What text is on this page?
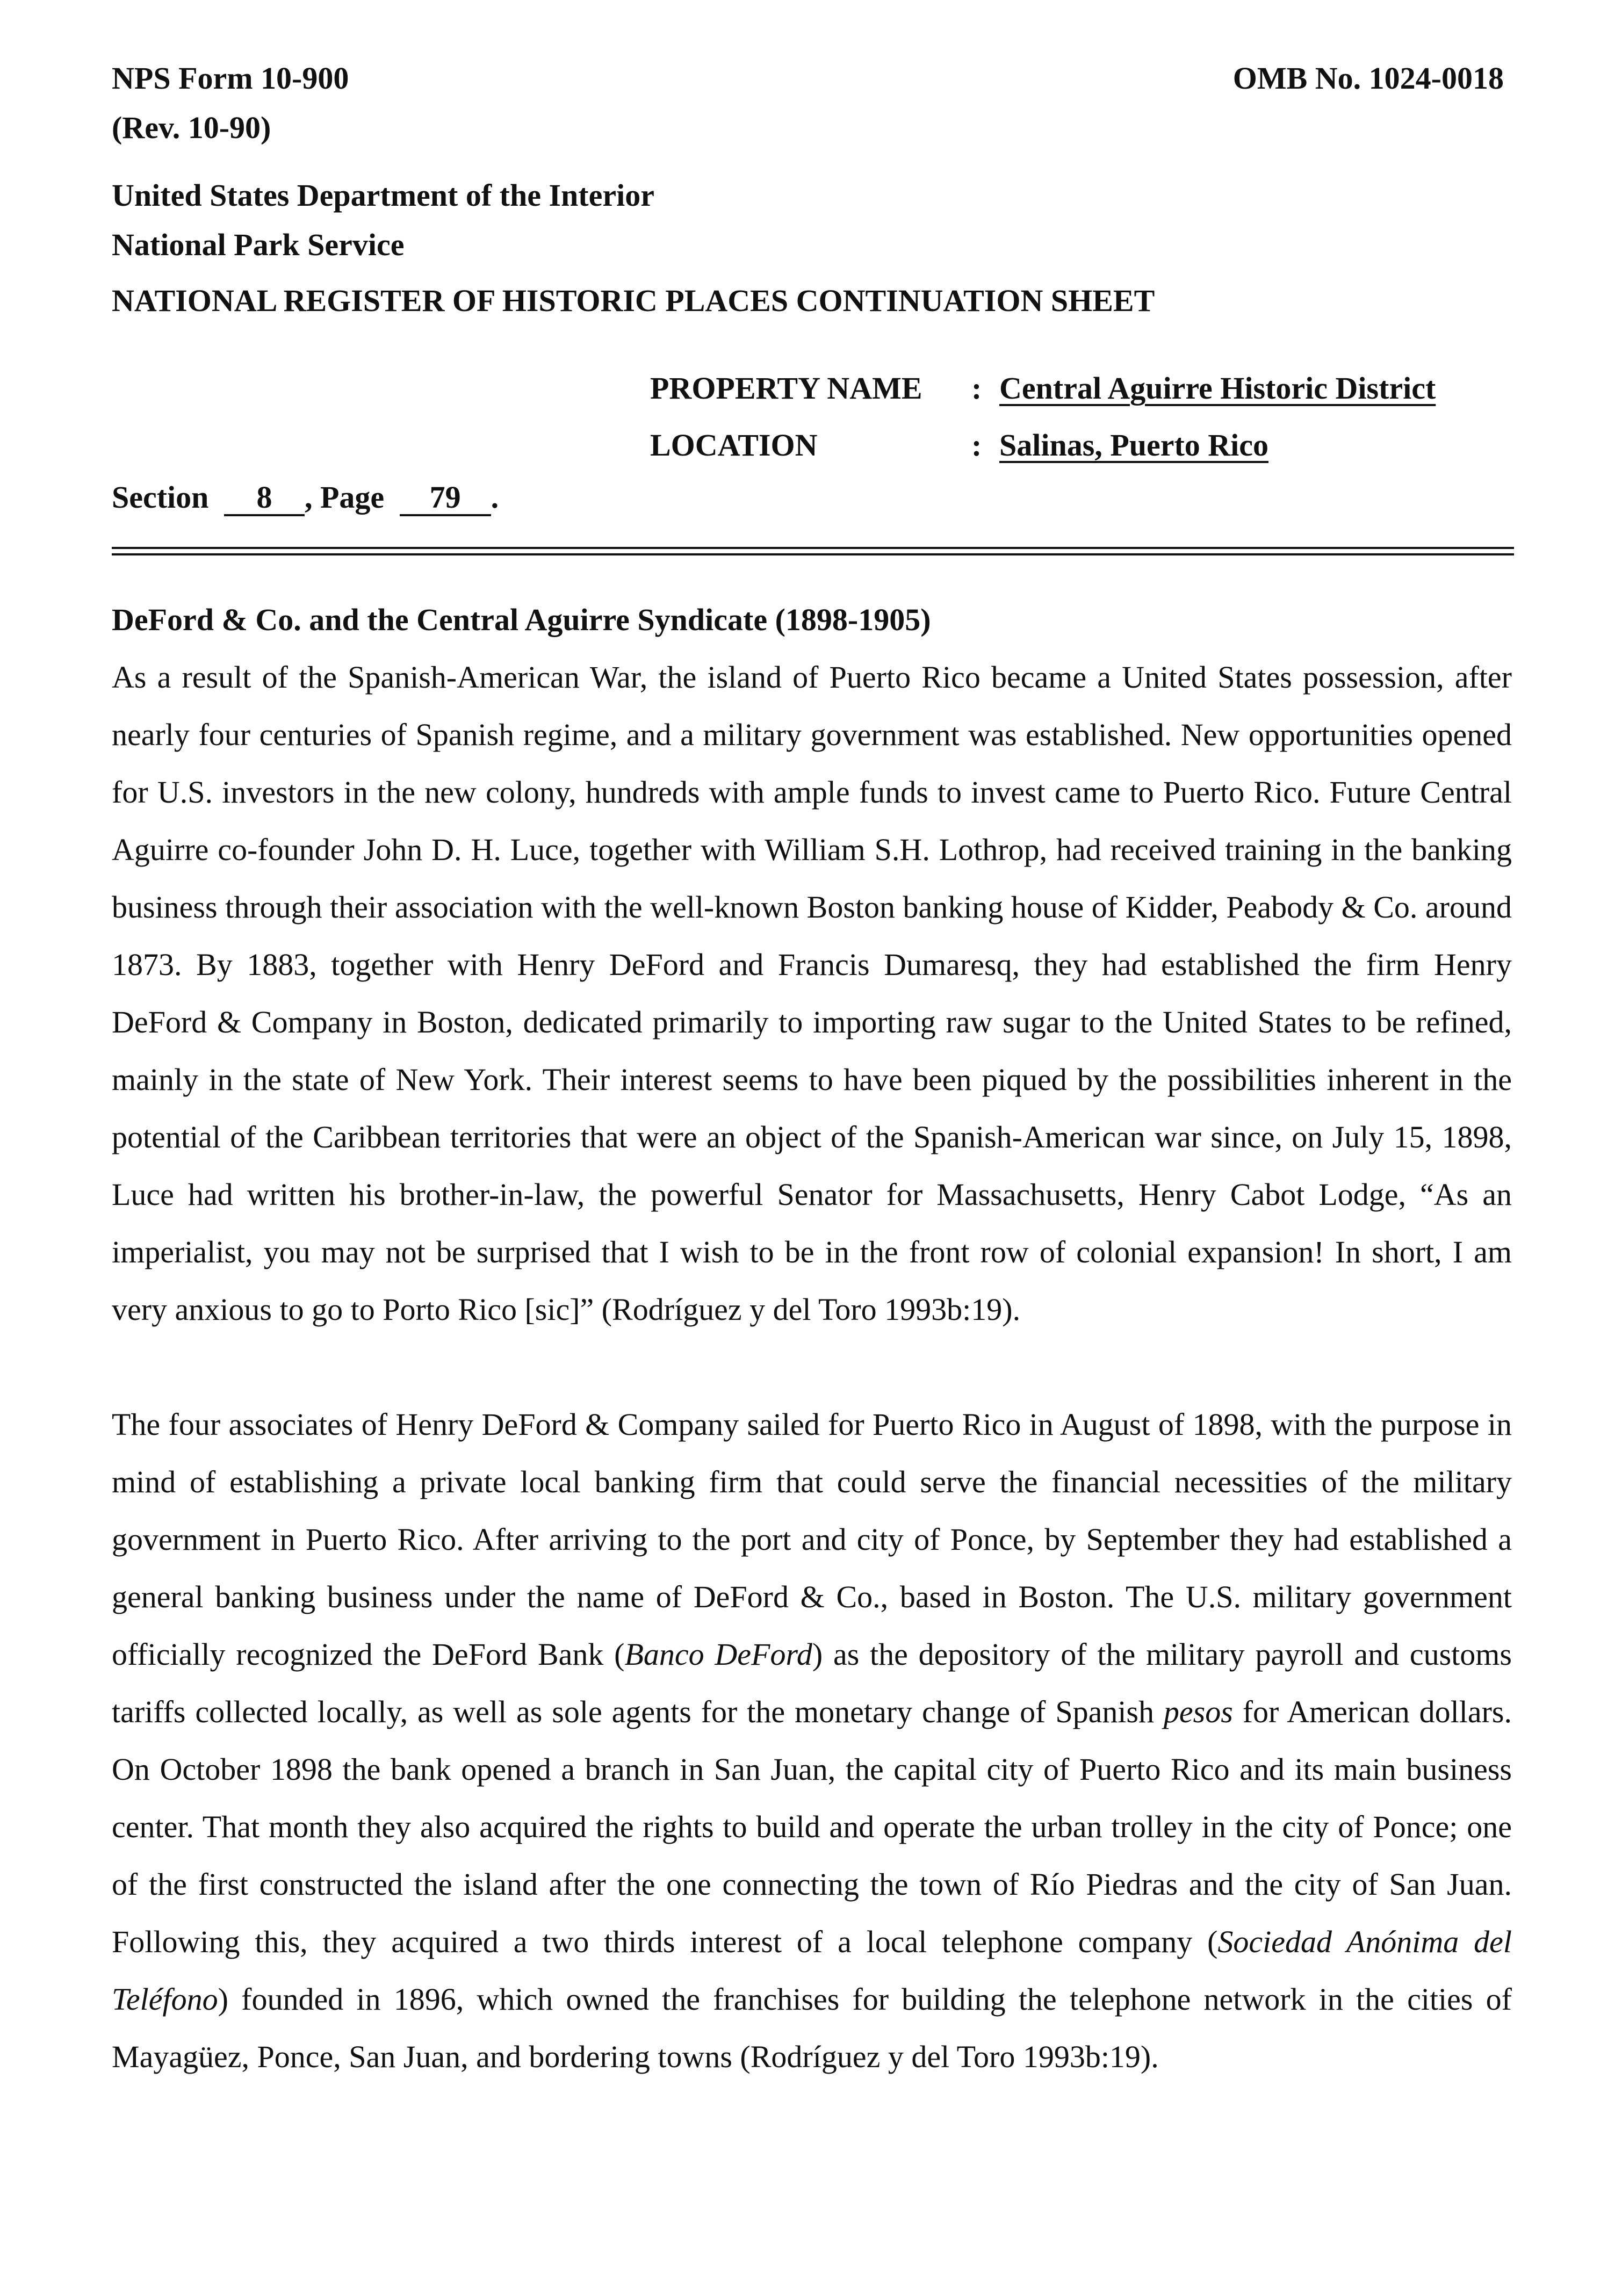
NPS Form 10-900
(Rev. 10-90)
OMB No. 1024-0018
United States Department of the Interior
National Park Service
NATIONAL REGISTER OF HISTORIC PLACES CONTINUATION SHEET
PROPERTY NAME	: Central Aguirre Historic District
LOCATION	: Salinas, Puerto Rico
Section 8 , Page 79 .
DeFord & Co. and the Central Aguirre Syndicate (1898-1905)

As a result of the Spanish-American War, the island of Puerto Rico became a United States possession, after nearly four centuries of Spanish regime, and a military government was established. New opportunities opened for U.S. investors in the new colony, hundreds with ample funds to invest came to Puerto Rico. Future Central Aguirre co-founder John D. H. Luce, together with William S.H. Lothrop, had received training in the banking business through their association with the well-known Boston banking house of Kidder, Peabody & Co. around 1873. By 1883, together with Henry DeFord and Francis Dumaresq, they had established the firm Henry DeFord & Company in Boston, dedicated primarily to importing raw sugar to the United States to be refined, mainly in the state of New York. Their interest seems to have been piqued by the possibilities inherent in the potential of the Caribbean territories that were an object of the Spanish-American war since, on July 15, 1898, Luce had written his brother-in-law, the powerful Senator for Massachusetts, Henry Cabot Lodge, “As an imperialist, you may not be surprised that I wish to be in the front row of colonial expansion! In short, I am very anxious to go to Porto Rico [sic]” (Rodríguez y del Toro 1993b:19).

The four associates of Henry DeFord & Company sailed for Puerto Rico in August of 1898, with the purpose in mind of establishing a private local banking firm that could serve the financial necessities of the military government in Puerto Rico. After arriving to the port and city of Ponce, by September they had established a general banking business under the name of DeFord & Co., based in Boston. The U.S. military government officially recognized the DeFord Bank (Banco DeFord) as the depository of the military payroll and customs tariffs collected locally, as well as sole agents for the monetary change of Spanish pesos for American dollars. On October 1898 the bank opened a branch in San Juan, the capital city of Puerto Rico and its main business center. That month they also acquired the rights to build and operate the urban trolley in the city of Ponce; one of the first constructed the island after the one connecting the town of Río Piedras and the city of San Juan. Following this, they acquired a two thirds interest of a local telephone company (Sociedad Anónima del Teléfono) founded in 1896, which owned the franchises for building the telephone network in the cities of Mayagüez, Ponce, San Juan, and bordering towns (Rodríguez y del Toro 1993b:19).
